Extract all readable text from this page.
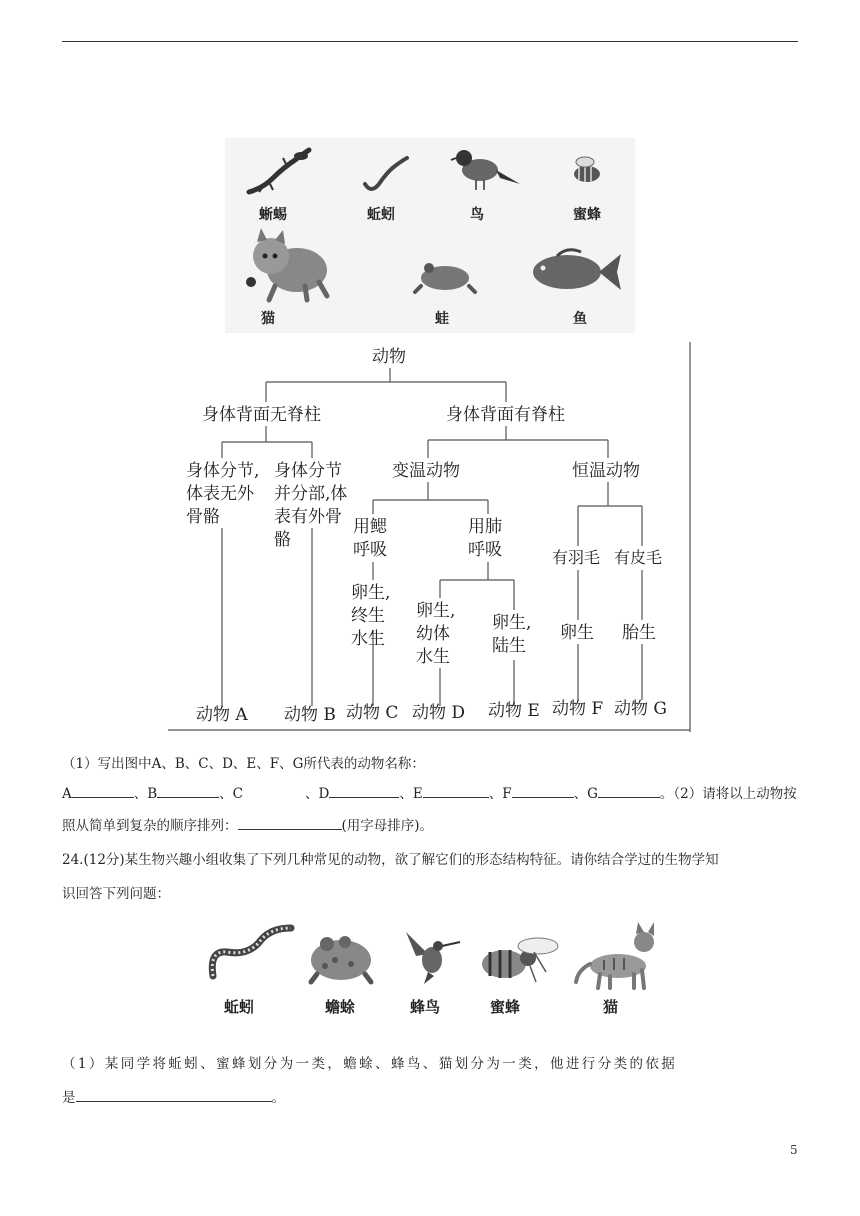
蜥蜴	蚯蚓	鸟	蜜蜂
猫	蛙	鱼
动物
身体背面无脊柱	身体背面有脊柱
身体分节,体表无外骨骼
身体分节并分部,体表有外骨骼
变温动物	恒温动物
用鳃呼吸
用肺呼吸	有羽毛 有皮毛
卵生,终生水生
卵生,幼体水生
卵生,陆生
卵生 胎生
动物 A 动物 B 动物 C 动物 D 动物 E 动物 F 动物 G
（1）写出图中A、B、C、D、E、F、G所代表的动物名称：
A	、B	、C	、D	、E	、F	、G	。（2）请将以上动物按
照从简单到复杂的顺序排列：	(用字母排序)。
24.(12分)某生物兴趣小组收集了下列几种常见的动物，欲了解它们的形态结构特征。请你结合学过的生物学知
识回答下列问题：
蚯蚓	蟾蜍	蜂鸟	蜜蜂	猫
（1）某同学将蚯蚓、蜜蜂划分为一类，蟾蜍、蜂鸟、猫划分为一类，他进行分类的依据
是	。
5
